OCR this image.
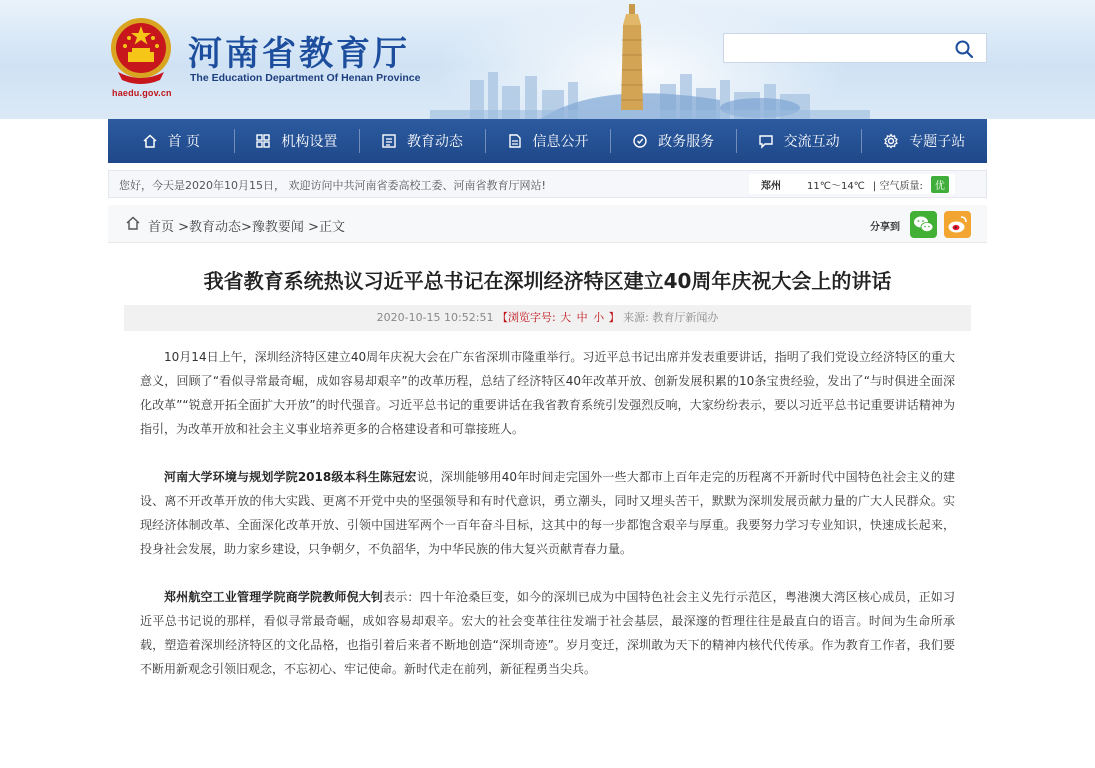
haedu.gov.cn
河南省教育厅
The Education Department Of Henan Province
首 页	机构设置	教育动态	信息公开	政务服务	交流互动	专题子站
您好，今天是2020年10月15日， 欢迎访问中共河南省委高校工委、河南省教育厅网站!	郑州	11℃～14℃ | 空气质量:	优
首页 >教育动态>豫教要闻 >正文	分享到
我省教育系统热议习近平总书记在深圳经济特区建立40周年庆祝大会上的讲话
2020-10-15 10:52:51 【浏览字号: 大 中 小 】 来源: 教育厅新闻办

10月14日上午，深圳经济特区建立40周年庆祝大会在广东省深圳市隆重举行。习近平总书记出席并发表重要讲话，指明了我们党设立经济特区的重大意义，回顾了“看似寻常最奇崛，成如容易却艰辛”的改革历程，总结了经济特区40年改革开放、创新发展积累的10条宝贵经验，发出了“与时俱进全面深化改革”“锐意开拓全面扩大开放”的时代强音。习近平总书记的重要讲话在我省教育系统引发强烈反响，大家纷纷表示，要以习近平总书记重要讲话精神为指引，为改革开放和社会主义事业培养更多的合格建设者和可靠接班人。

河南大学环境与规划学院2018级本科生陈冠宏说，深圳能够用40年时间走完国外一些大都市上百年走完的历程离不开新时代中国特色社会主义的建设、离不开改革开放的伟大实践、更离不开党中央的坚强领导和有时代意识，勇立潮头，同时又埋头苦干，默默为深圳发展贡献力量的广大人民群众。实现经济体制改革、全面深化改革开放、引领中国进军两个一百年奋斗目标，这其中的每一步都饱含艰辛与厚重。我要努力学习专业知识，快速成长起来，投身社会发展，助力家乡建设，只争朝夕，不负韶华，为中华民族的伟大复兴贡献青春力量。

郑州航空工业管理学院商学院教师倪大钊表示：四十年沧桑巨变，如今的深圳已成为中国特色社会主义先行示范区，粤港澳大湾区核心成员，正如习近平总书记说的那样，看似寻常最奇崛，成如容易却艰辛。宏大的社会变革往往发端于社会基层，最深邃的哲理往往是最直白的语言。时间为生命所承载，塑造着深圳经济特区的文化品格，也指引着后来者不断地创造“深圳奇迹”。岁月变迁，深圳敢为天下的精神内核代代传承。作为教育工作者，我们要不断用新观念引领旧观念，不忘初心、牢记使命。新时代走在前列，新征程勇当尖兵。
